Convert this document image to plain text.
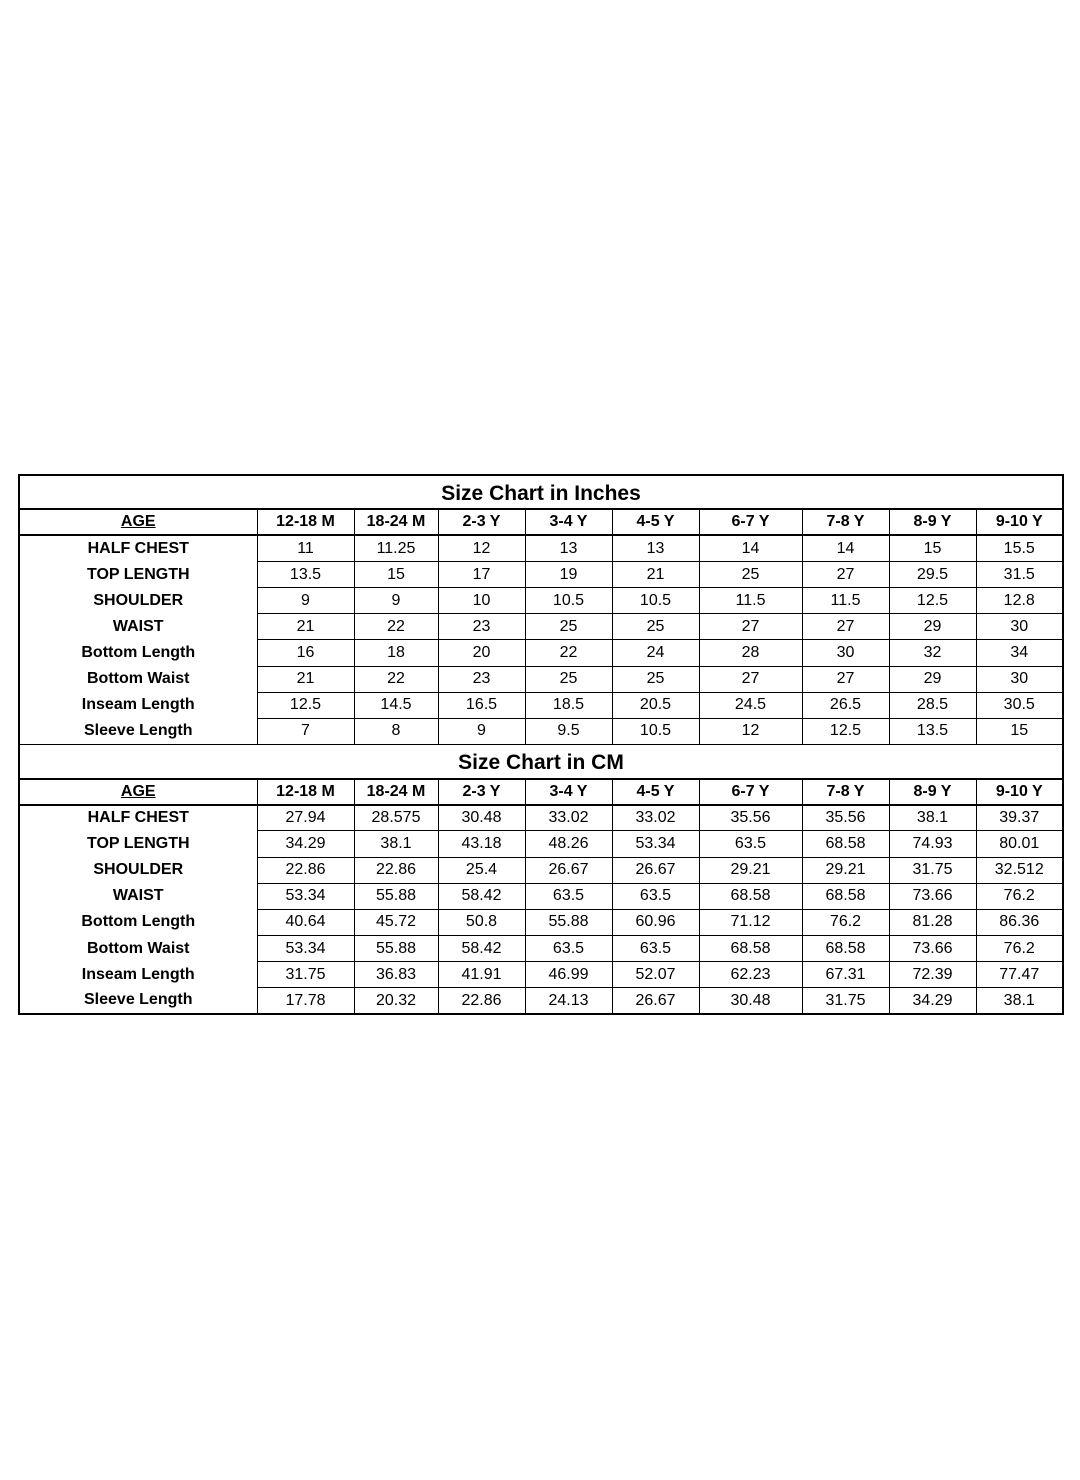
Size Chart in Inches									
AGE	12-18 M	18-24 M	2-3 Y	3-4 Y	4-5 Y	6-7 Y	7-8 Y	8-9 Y	9-10 Y
HALF CHEST	11	11.25	12	13	13	14	14	15	15.5
TOP LENGTH	13.5	15	17	19	21	25	27	29.5	31.5
SHOULDER	9	9	10	10.5	10.5	11.5	11.5	12.5	12.8
WAIST	21	22	23	25	25	27	27	29	30
Bottom Length	16	18	20	22	24	28	30	32	34
Bottom Waist	21	22	23	25	25	27	27	29	30
Inseam Length	12.5	14.5	16.5	18.5	20.5	24.5	26.5	28.5	30.5
Sleeve Length	7	8	9	9.5	10.5	12	12.5	13.5	15
Size Chart in CM									
AGE	12-18 M	18-24 M	2-3 Y	3-4 Y	4-5 Y	6-7 Y	7-8 Y	8-9 Y	9-10 Y
HALF CHEST	27.94	28.575	30.48	33.02	33.02	35.56	35.56	38.1	39.37
TOP LENGTH	34.29	38.1	43.18	48.26	53.34	63.5	68.58	74.93	80.01
SHOULDER	22.86	22.86	25.4	26.67	26.67	29.21	29.21	31.75	32.512
WAIST	53.34	55.88	58.42	63.5	63.5	68.58	68.58	73.66	76.2
Bottom Length	40.64	45.72	50.8	55.88	60.96	71.12	76.2	81.28	86.36
Bottom Waist	53.34	55.88	58.42	63.5	63.5	68.58	68.58	73.66	76.2
Inseam Length	31.75	36.83	41.91	46.99	52.07	62.23	67.31	72.39	77.47
Sleeve Length	17.78	20.32	22.86	24.13	26.67	30.48	31.75	34.29	38.1
